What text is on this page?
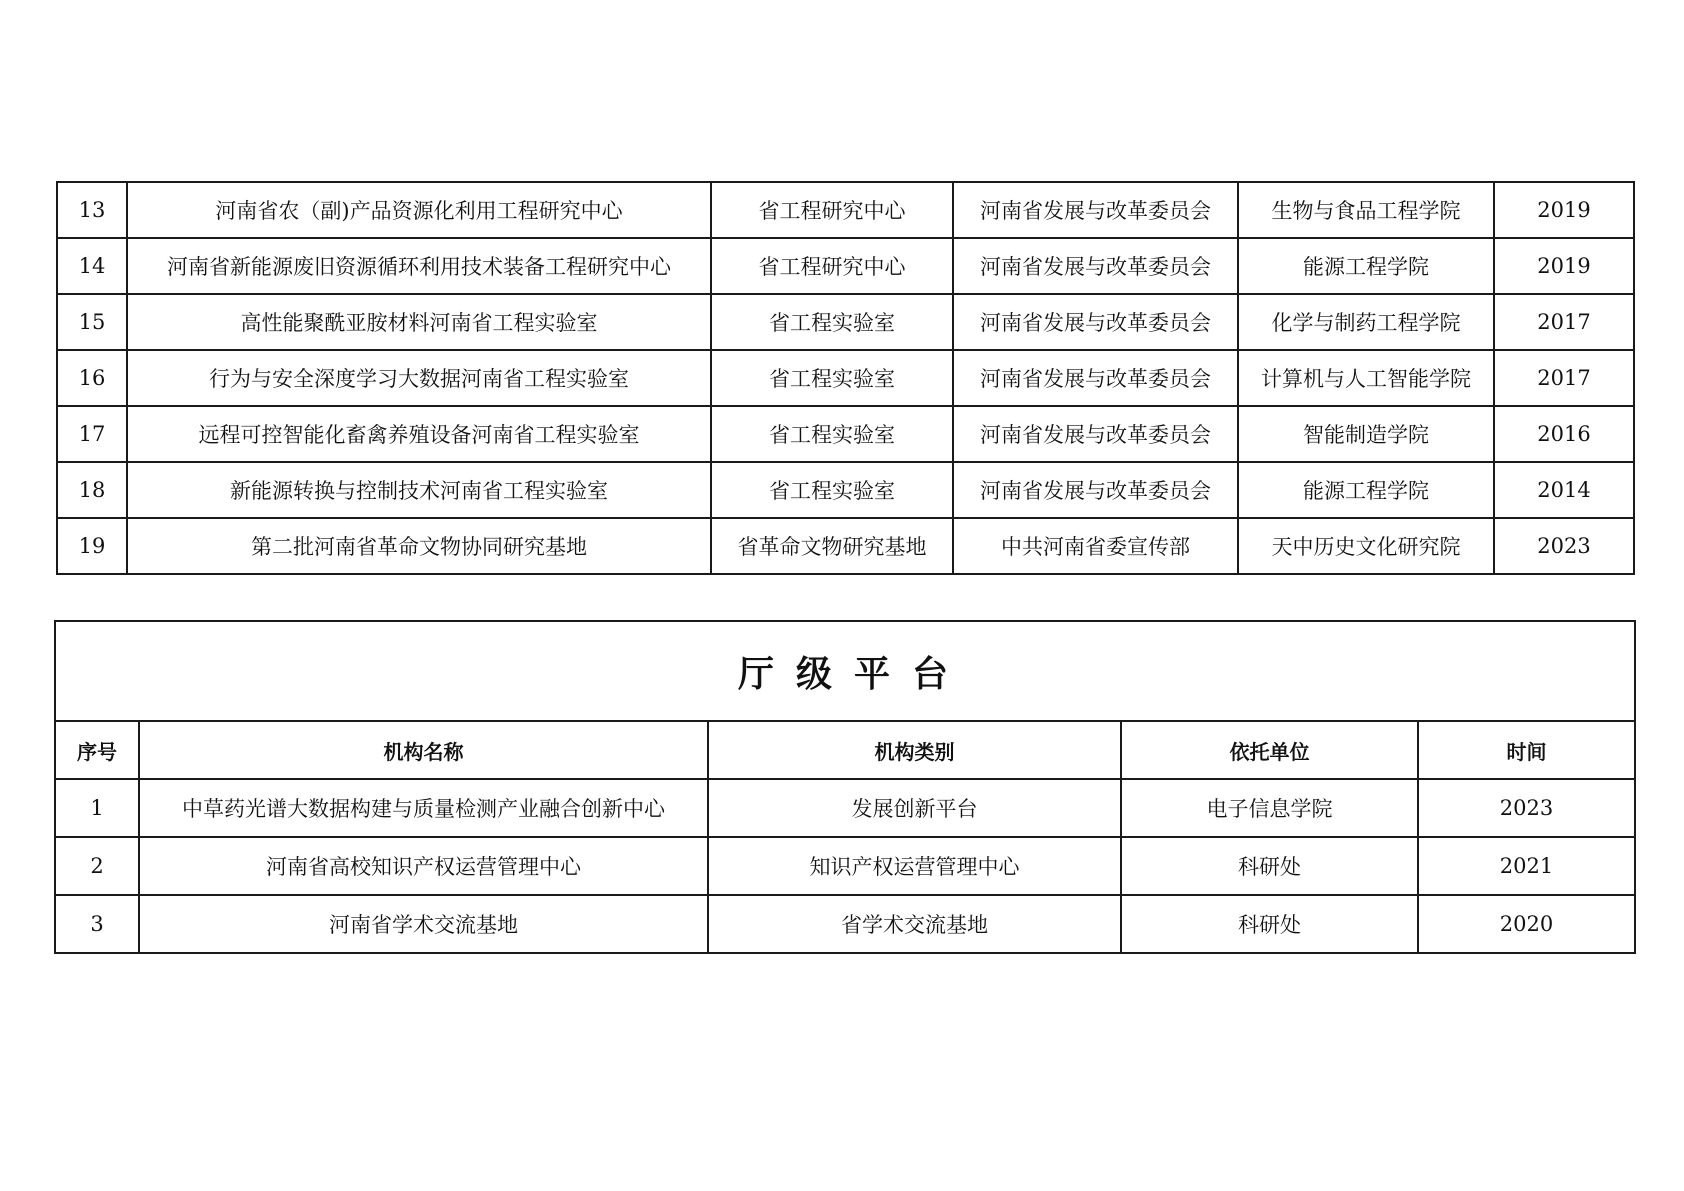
13	河南省农（副)产品资源化利用工程研究中心	省工程研究中心	河南省发展与改革委员会	生物与食品工程学院	2019
14	河南省新能源废旧资源循环利用技术装备工程研究中心	省工程研究中心	河南省发展与改革委员会	能源工程学院	2019
15	高性能聚酰亚胺材料河南省工程实验室	省工程实验室	河南省发展与改革委员会	化学与制药工程学院	2017
16	行为与安全深度学习大数据河南省工程实验室	省工程实验室	河南省发展与改革委员会	计算机与人工智能学院	2017
17	远程可控智能化畜禽养殖设备河南省工程实验室	省工程实验室	河南省发展与改革委员会	智能制造学院	2016
18	新能源转换与控制技术河南省工程实验室	省工程实验室	河南省发展与改革委员会	能源工程学院	2014
19	第二批河南省革命文物协同研究基地	省革命文物研究基地	中共河南省委宣传部	天中历史文化研究院	2023
厅级平台				
序号	机构名称	机构类别	依托单位	时间
1	中草药光谱大数据构建与质量检测产业融合创新中心	发展创新平台	电子信息学院	2023
2	河南省高校知识产权运营管理中心	知识产权运营管理中心	科研处	2021
3	河南省学术交流基地	省学术交流基地	科研处	2020
